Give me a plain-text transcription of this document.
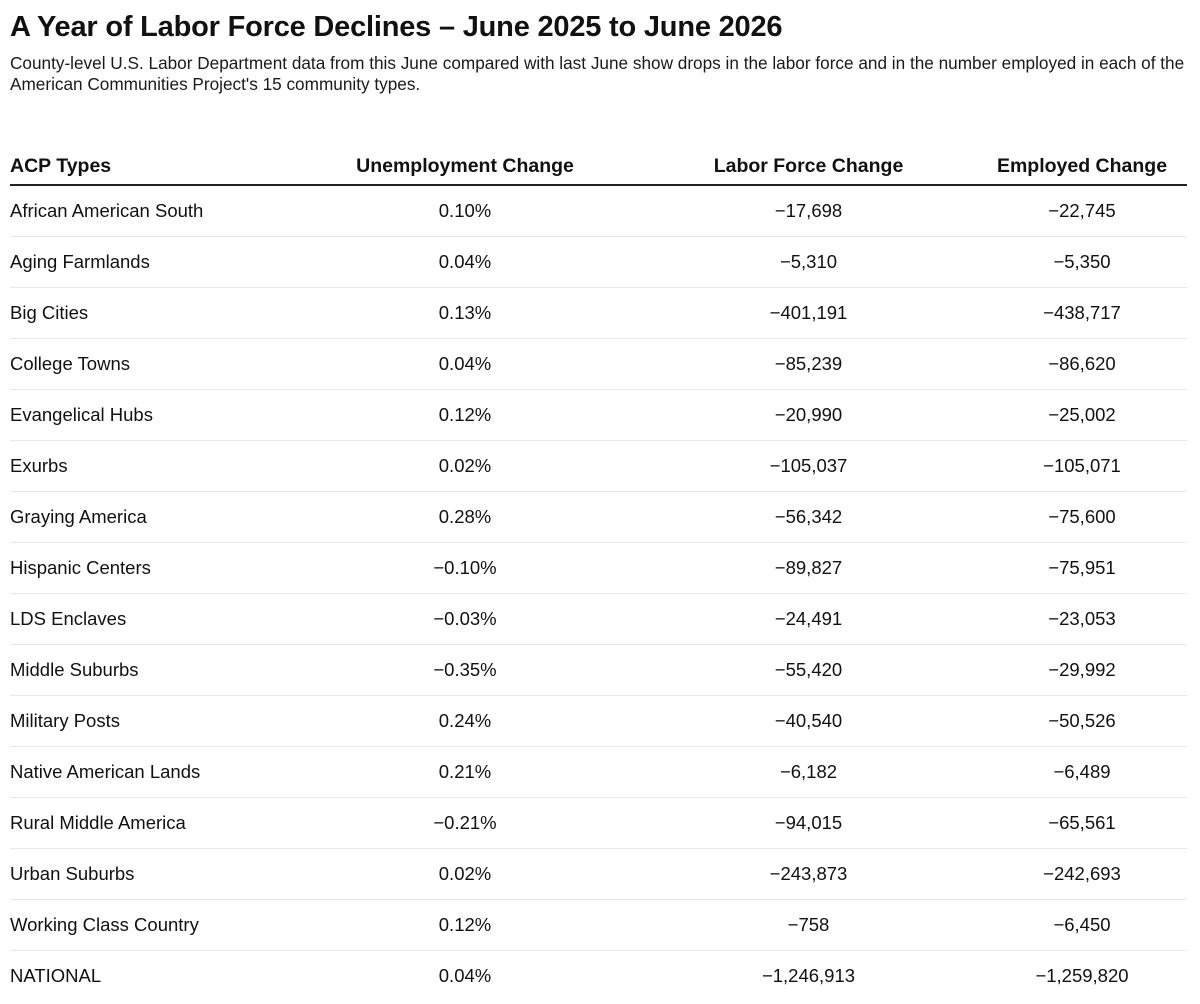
A Year of Labor Force Declines – June 2025 to June 2026

County-level U.S. Labor Department data from this June compared with last June show drops in the labor force and in the number employed in each of the American Communities Project's 15 community types.

ACP Types	Unemployment Change	Labor Force Change	Employed Change
African American South	0.10%	−17,698	−22,745
Aging Farmlands	0.04%	−5,310	−5,350
Big Cities	0.13%	−401,191	−438,717
College Towns	0.04%	−85,239	−86,620
Evangelical Hubs	0.12%	−20,990	−25,002
Exurbs	0.02%	−105,037	−105,071
Graying America	0.28%	−56,342	−75,600
Hispanic Centers	−0.10%	−89,827	−75,951
LDS Enclaves	−0.03%	−24,491	−23,053
Middle Suburbs	−0.35%	−55,420	−29,992
Military Posts	0.24%	−40,540	−50,526
Native American Lands	0.21%	−6,182	−6,489
Rural Middle America	−0.21%	−94,015	−65,561
Urban Suburbs	0.02%	−243,873	−242,693
Working Class Country	0.12%	−758	−6,450
NATIONAL	0.04%	−1,246,913	−1,259,820
